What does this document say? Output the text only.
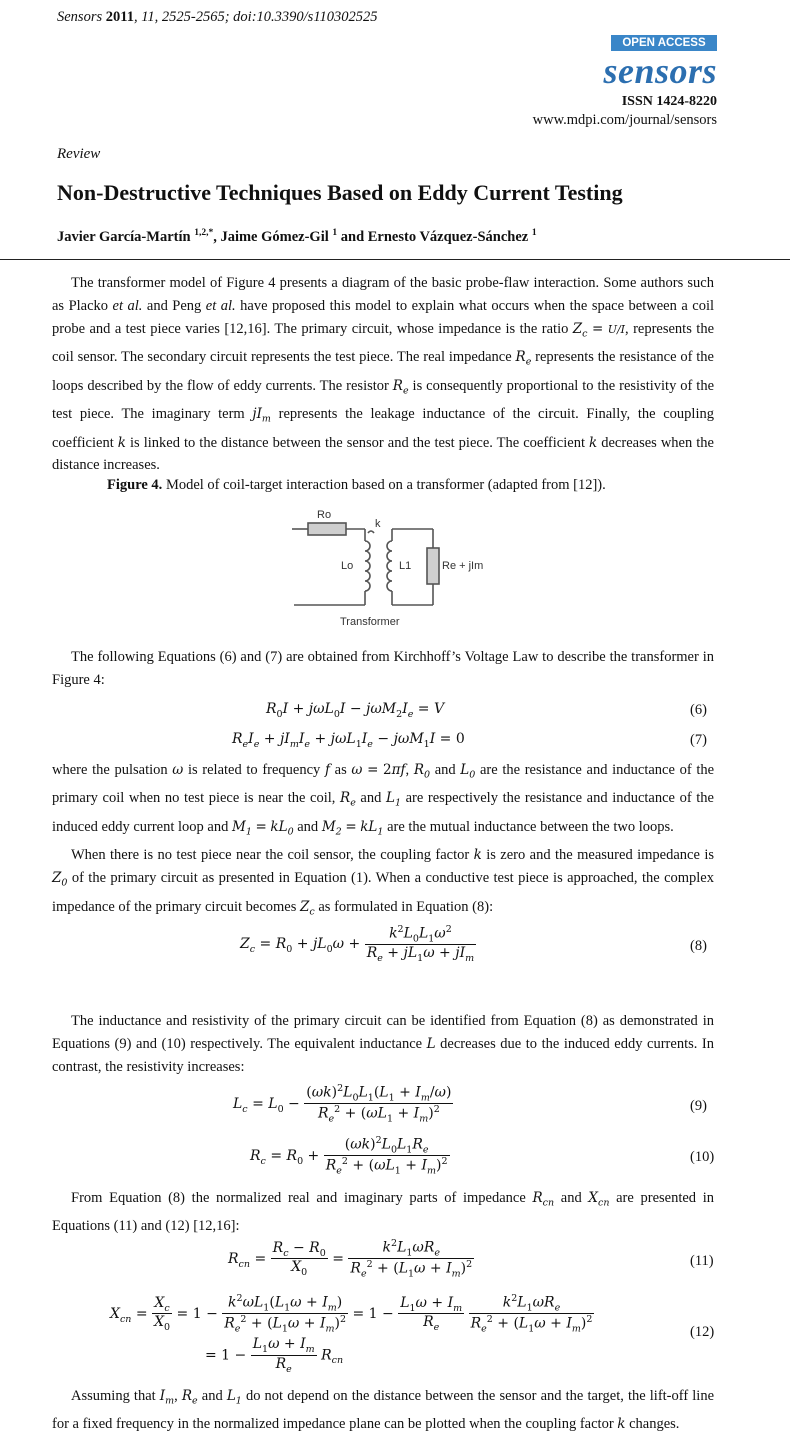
Sensors 2011, 11, 2525-2565; doi:10.3390/s110302525
OPEN ACCESS
sensors
ISSN 1424-8220
www.mdpi.com/journal/sensors
Review
Non-Destructive Techniques Based on Eddy Current Testing
Javier García-Martín $^{1,2,*}$, Jaime Gómez-Gil $^1$ and Ernesto Vázquez-Sánchez $^1$
The transformer model of Figure 4 presents a diagram of the basic probe-flaw interaction. Some authors such as Placko et al. and Peng et al. have proposed this model to explain what occurs when the space between a coil probe and a test piece varies [12,16]. The primary circuit, whose impedance is the ratio $Z_c = U/I$, represents the coil sensor. The secondary circuit represents the test piece. The real impedance $R_e$ represents the resistance of the loops described by the flow of eddy currents. The resistor $R_e$ is consequently proportional to the resistivity of the test piece. The imaginary term $jI_m$ represents the leakage inductance of the circuit. Finally, the coupling coefficient k is linked to the distance between the sensor and the test piece. The coefficient k decreases when the distance increases.
Figure 4. Model of coil-target interaction based on a transformer (adapted from [12]).
Ro
k
Lo	L1	Re + jIm
Transformer
The following Equations (6) and (7) are obtained from Kirchhoff’s Voltage Law to describe the transformer in Figure 4:
$R_0I + j\omega L_0I - j\omega M_2I_e = V$	(6)
$R_eI_e + jI_mI_e + j\omega L_1I_e - j\omega M_1I = 0$	(7)
where the pulsation ω is related to frequency f as ω = 2πf, $R_0$ and $L_0$ are the resistance and inductance of the primary coil when no test piece is near the coil, $R_e$ and $L_1$ are respectively the resistance and inductance of the induced eddy current loop and $M_1 = kL_0$ and $M_2 = kL_1$ are the mutual inductance between the two loops.
When there is no test piece near the coil sensor, the coupling factor k is zero and the measured impedance is $Z_0$ of the primary circuit as presented in Equation (1). When a conductive test piece is approached, the complex impedance of the primary circuit becomes $Z_c$ as formulated in Equation (8):
$Z_c = R_0 + jL_0\omega + \frac{k^2L_0L_1\omega^2}{R_e + jL_1\omega + jI_m}$	(8)
The inductance and resistivity of the primary circuit can be identified from Equation (8) as demonstrated in Equations (9) and (10) respectively. The equivalent inductance L decreases due to the induced eddy currents. In contrast, the resistivity increases:
$L_c = L_0 - \frac{(\omega k)^2L_0L_1(L_1 + I_m/\omega)}{R_e^2 + (\omega L_1 + I_m)^2}$	(9)
$R_c = R_0 + \frac{(\omega k)^2L_0L_1R_e}{R_e^2 + (\omega L_1 + I_m)^2}$	(10)
From Equation (8) the normalized real and imaginary parts of impedance $R_{cn}$ and $X_{cn}$ are presented in Equations (11) and (12) [12,16]:
$R_{cn} = \frac{R_c - R_0}{X_0} = \frac{k^2L_1\omega R_e}{R_e^2 + (L_1\omega + I_m)^2}$	(11)
$X_{cn} = \frac{X_c}{X_0} = 1 - \frac{k^2\omega L_1(L_1\omega + I_m)}{R_e^2 + (L_1\omega + I_m)^2} = 1 - \frac{L_1\omega + I_m}{R_e}$
$\frac{k^2L_1\omega R_e}{R_e^2 + (L_1\omega + I_m)^2}$
= $1 - \frac{L_1\omega + I_m}{R_e} R_{cn}$
(12)
Assuming that $I_m$, $R_e$ and $L_1$ do not depend on the distance between the sensor and the target, the lift-off line for a fixed frequency in the normalized impedance plane can be plotted when the coupling factor k changes.
